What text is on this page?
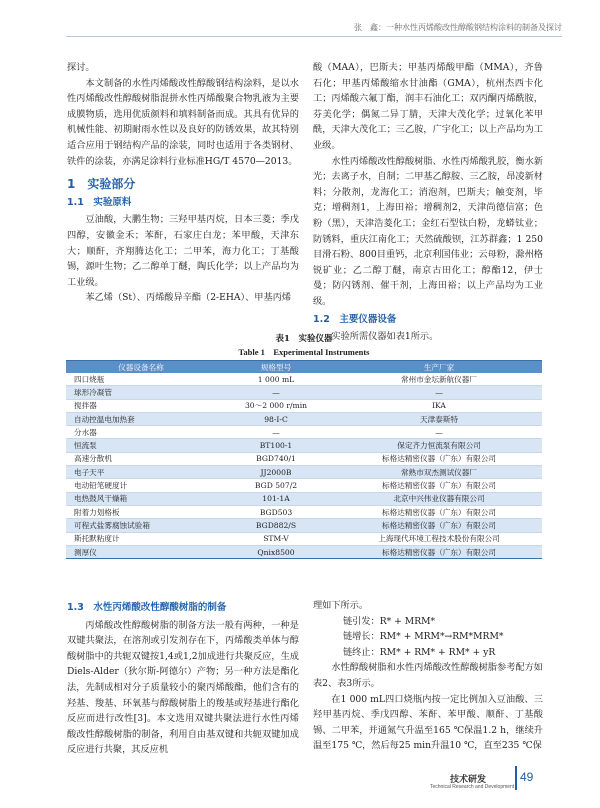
张　鑫：一种水性丙烯酸改性醇酸钢结构涂料的制备及探讨

探讨。

本文制备的水性丙烯酸改性醇酸钢结构涂料，是以水性丙烯酸改性醇酸树脂混拼水性丙烯酸聚合物乳液为主要成膜物质，选用优质颜料和填料制备而成。其具有优异的机械性能、初期耐雨水性以及良好的防锈效果，故其特别适合应用于钢结构产品的涂装，同时也适用于各类钢材、铁件的涂装，亦满足涂料行业标准HG/T 4570—2013。

1　实验部分
1.1　实验原料

豆油酸，大鹏生物；三羟甲基丙烷，日本三菱；季戊四醇，安徽金禾；苯酐，石家庄白龙；苯甲酸，天津东大；顺酐，齐翔腾达化工；二甲苯，海力化工；丁基酸锡，源叶生物；乙二醇单丁醚，陶氏化学；以上产品均为工业级。

苯乙烯（St）、丙烯酸异辛酯（2-EHA）、甲基丙烯

酸（MAA），巴斯夫；甲基丙烯酸甲酯（MMA），齐鲁石化；甲基丙烯酸缩水甘油酯（GMA），杭州杰西卡化工；丙烯酸六氟丁酯，润丰石油化工；双丙酮丙烯酰胺，芬美化学；偶氮二异丁腈，天津大茂化学；过氧化苯甲酰，天津大茂化工；三乙胺，广宇化工；以上产品均为工业级。

水性丙烯酸改性醇酸树脂、水性丙烯酸乳胶，衡水新光；去离子水，自制；二甲基乙醇胺、三乙胺，昂凌新材料；分散剂，龙海化工；消泡剂，巴斯夫；触变剂，毕克；增稠剂1，上海田裕；增稠剂2，天津尚德信富；色粉（黑），天津浩菱化工；金红石型钛白粉，龙蟒钛业；防锈料，重庆江南化工；天然硫酸钡，江苏群鑫；1 250目滑石粉、800目重钙，北京利国伟业；云母粉，滁州格锐矿业；乙二醇丁醚，南京古田化工；醇酯12，伊士曼；防闪锈剂、催干剂，上海田裕；以上产品均为工业级。

1.2　主要仪器设备

实验所需仪器如表1所示。

表1　实验仪器
Table 1　Experimental Instruments
仪器设备名称	规格型号	生产厂家
四口烧瓶	1 000 mL	常州市金坛新航仪器厂
球形冷凝管	—	—
搅拌器	30～2 000 r/min	IKA
自动控温电加热套	98-I-C	天津泰斯特
分水器	—	—
恒流泵	BT100-1	保定齐力恒流泵有限公司
高速分散机	BGD740/1	标格达精密仪器（广东）有限公司
电子天平	JJ2000B	常熟市双杰测试仪器厂
电动铅笔硬度计	BGD 507/2	标格达精密仪器（广东）有限公司
电热鼓风干燥箱	101-1A	北京中兴伟业仪器有限公司
附着力划格板	BGD503	标格达精密仪器（广东）有限公司
可程式盐雾腐蚀试验箱	BGD882/S	标格达精密仪器（广东）有限公司
斯托默粘度计	STM-V	上海现代环境工程技术股份有限公司
测厚仪	Qnix8500	标格达精密仪器（广东）有限公司
1.3　水性丙烯酸改性醇酸树脂的制备

丙烯酸改性醇酸树脂的制备方法一般有两种，一种是双键共聚法，在溶剂或引发剂存在下，丙烯酸类单体与醇酸树脂中的共轭双键按1,4或1,2加成进行共聚反应，生成Diels-Alder（狄尔斯-阿德尔）产物；另一种方法是酯化法，先制成相对分子质量较小的聚丙烯酸酯，他们含有的羟基、羧基、环氧基与醇酸树脂上的羧基或羟基进行酯化反应而进行改性[3]。本文选用双键共聚法进行水性丙烯酸改性醇酸树脂的制备，利用自由基双键和共轭双键加成反应进行共聚，其反应机

理如下所示。

链引发：R* + MRM*

链增长：RM* + MRM*→RM*MRM*

链终止：RM* + RM* + RM* + yR

水性醇酸树脂和水性丙烯酸改性醇酸树脂参考配方如表2、表3所示。

在1 000 mL四口烧瓶内按一定比例加入豆油酸、三羟甲基丙烷、季戊四醇、苯酐、苯甲酸、顺酐、丁基酸锡、二甲苯，并通氮气升温至165 ℃保温1.2 h，继续升温至175 ℃，然后每25 min升温10 ℃，直至235 ℃保

技术研发
Technical Research and Development
49
